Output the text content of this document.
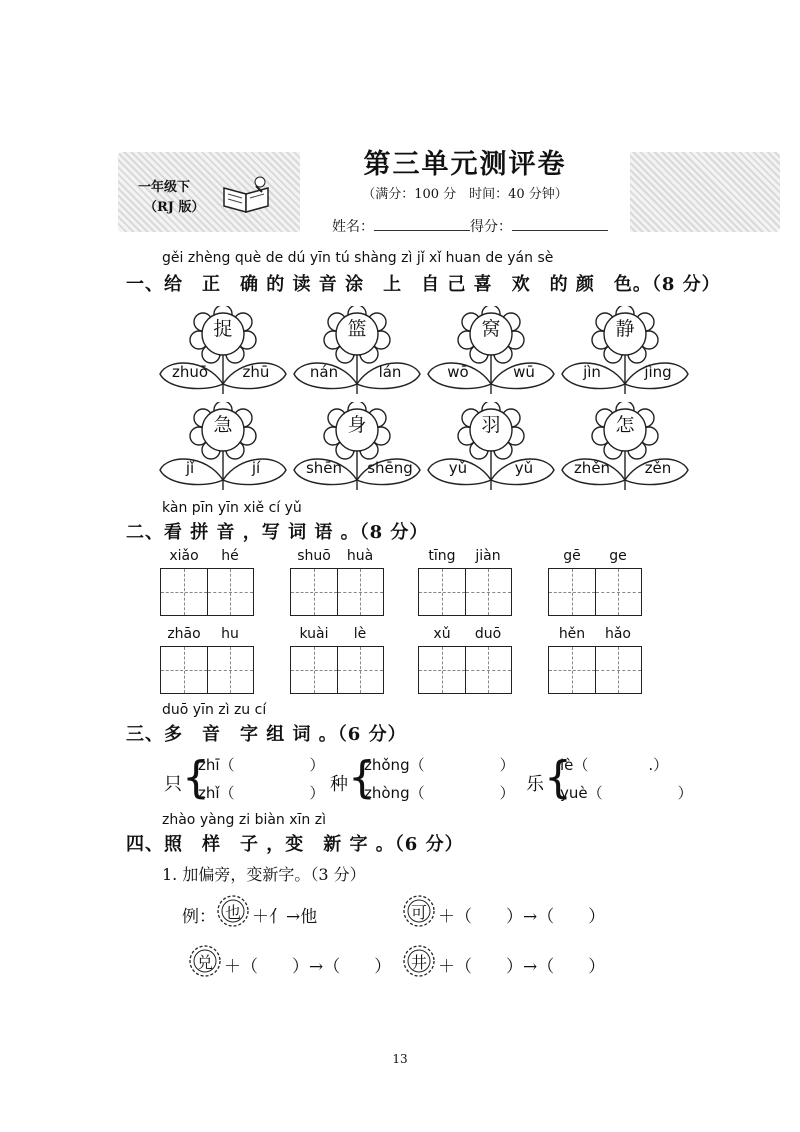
一年级下
（RJ 版）
第三单元测评卷
（满分：100 分　时间：40 分钟）
姓名：	得分：
gěi zhèng què de dú yīn tú shàng zì jǐ xǐ huan de yán sè
一、给　正　确 的 读 音 涂　上　自 己 喜　欢　的 颜　色。（8 分）
捉
zhuō	zhū
篮
nán	lán
窝
wō	wū
静
jìn	jìng
急
jǐ	jí
身
shēn	shēng
羽
yǔ	yǔ
怎
zhěn	zěn
kàn pīn yīn xiě cí yǔ
二、看 拼 音 ，写 词 语 。（8 分）
xiǎo	hé	shuō	huà	tīng	jiàn	gē	ge
zhāo	hu	kuài	lè	xǔ	duō	hěn	hǎo
duō yīn zì zu cí
三、多　音　字 组 词 。（6 分）
只 {
zhī（　　　　　）
zhǐ（　　　　　） 种 {
zhǒng（　　　　　）
zhòng（　　　　　） 乐 {
lè（　　　　.）
yuè（　　　　　）
zhào yàng zi biàn xīn zì
四、照　样　子 ，变　新 字 。（6 分）
1. 加偏旁，变新字。（3 分）
例： 也 ＋亻→他	可 ＋（　　）→（　　）
兑 ＋（　　）→（　　）	井 ＋（　　）→（　　）
13
